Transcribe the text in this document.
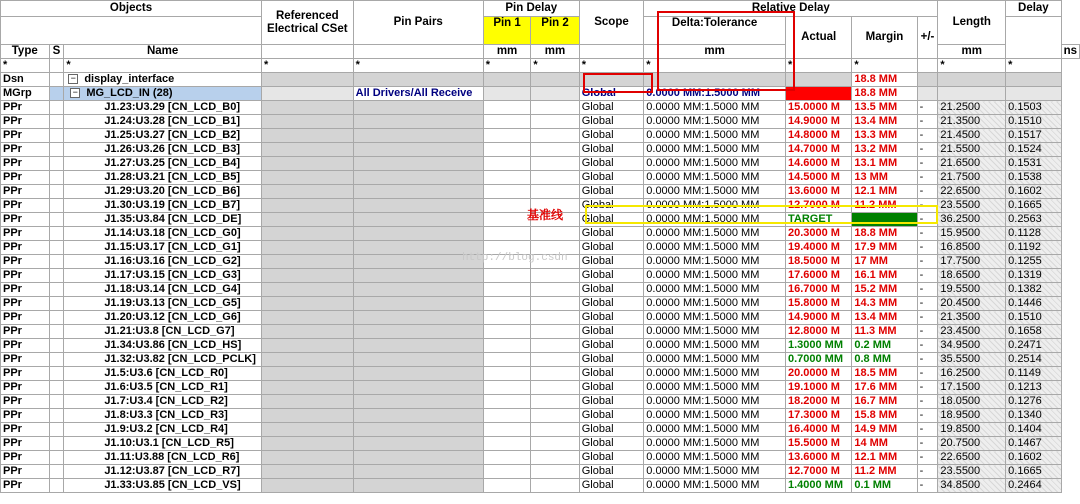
Objects			Referenced Electrical CSet	Pin Pairs	Pin Delay		Scope	Relative Delay				Length	Delay	
					Pin 1	Pin 2		Delta:Tolerance	Actual	Margin	+/-			
Type	S	Name			mm	mm		mm				mm		ns
*		*	*	*	*	*	*	*	*	*		*	*	
Dsn		− display_interface								18.8 MM				
MGrp		− MG_LCD_IN (28)		All Drivers/All Receive			Global	0.0000 MM:1.5000 MM		18.8 MM				
PPr		J1.23:U3.29 [CN_LCD_B0]					Global	0.0000 MM:1.5000 MM	15.0000 M	13.5 MM	-	21.2500	0.1503	
PPr		J1.24:U3.28 [CN_LCD_B1]					Global	0.0000 MM:1.5000 MM	14.9000 M	13.4 MM	-	21.3500	0.1510	
PPr		J1.25:U3.27 [CN_LCD_B2]					Global	0.0000 MM:1.5000 MM	14.8000 M	13.3 MM	-	21.4500	0.1517	
PPr		J1.26:U3.26 [CN_LCD_B3]					Global	0.0000 MM:1.5000 MM	14.7000 M	13.2 MM	-	21.5500	0.1524	
PPr		J1.27:U3.25 [CN_LCD_B4]					Global	0.0000 MM:1.5000 MM	14.6000 M	13.1 MM	-	21.6500	0.1531	
PPr		J1.28:U3.21 [CN_LCD_B5]					Global	0.0000 MM:1.5000 MM	14.5000 M	13 MM	-	21.7500	0.1538	
PPr		J1.29:U3.20 [CN_LCD_B6]					Global	0.0000 MM:1.5000 MM	13.6000 M	12.1 MM	-	22.6500	0.1602	
PPr		J1.30:U3.19 [CN_LCD_B7]					Global	0.0000 MM:1.5000 MM	12.7000 M	11.2 MM	-	23.5500	0.1665	
PPr		J1.35:U3.84 [CN_LCD_DE]					Global	0.0000 MM:1.5000 MM	TARGET		-	36.2500	0.2563	
PPr		J1.14:U3.18 [CN_LCD_G0]					Global	0.0000 MM:1.5000 MM	20.3000 M	18.8 MM	-	15.9500	0.1128	
PPr		J1.15:U3.17 [CN_LCD_G1]					Global	0.0000 MM:1.5000 MM	19.4000 M	17.9 MM	-	16.8500	0.1192	
PPr		J1.16:U3.16 [CN_LCD_G2]					Global	0.0000 MM:1.5000 MM	18.5000 M	17 MM	-	17.7500	0.1255	
PPr		J1.17:U3.15 [CN_LCD_G3]					Global	0.0000 MM:1.5000 MM	17.6000 M	16.1 MM	-	18.6500	0.1319	
PPr		J1.18:U3.14 [CN_LCD_G4]					Global	0.0000 MM:1.5000 MM	16.7000 M	15.2 MM	-	19.5500	0.1382	
PPr		J1.19:U3.13 [CN_LCD_G5]					Global	0.0000 MM:1.5000 MM	15.8000 M	14.3 MM	-	20.4500	0.1446	
PPr		J1.20:U3.12 [CN_LCD_G6]					Global	0.0000 MM:1.5000 MM	14.9000 M	13.4 MM	-	21.3500	0.1510	
PPr		J1.21:U3.8 [CN_LCD_G7]					Global	0.0000 MM:1.5000 MM	12.8000 M	11.3 MM	-	23.4500	0.1658	
PPr		J1.34:U3.86 [CN_LCD_HS]					Global	0.0000 MM:1.5000 MM	1.3000 MM	0.2 MM	-	34.9500	0.2471	
PPr		J1.32:U3.82 [CN_LCD_PCLK]					Global	0.0000 MM:1.5000 MM	0.7000 MM	0.8 MM	-	35.5500	0.2514	
PPr		J1.5:U3.6 [CN_LCD_R0]					Global	0.0000 MM:1.5000 MM	20.0000 M	18.5 MM	-	16.2500	0.1149	
PPr		J1.6:U3.5 [CN_LCD_R1]					Global	0.0000 MM:1.5000 MM	19.1000 M	17.6 MM	-	17.1500	0.1213	
PPr		J1.7:U3.4 [CN_LCD_R2]					Global	0.0000 MM:1.5000 MM	18.2000 M	16.7 MM	-	18.0500	0.1276	
PPr		J1.8:U3.3 [CN_LCD_R3]					Global	0.0000 MM:1.5000 MM	17.3000 M	15.8 MM	-	18.9500	0.1340	
PPr		J1.9:U3.2 [CN_LCD_R4]					Global	0.0000 MM:1.5000 MM	16.4000 M	14.9 MM	-	19.8500	0.1404	
PPr		J1.10:U3.1 [CN_LCD_R5]					Global	0.0000 MM:1.5000 MM	15.5000 M	14 MM	-	20.7500	0.1467	
PPr		J1.11:U3.88 [CN_LCD_R6]					Global	0.0000 MM:1.5000 MM	13.6000 M	12.1 MM	-	22.6500	0.1602	
PPr		J1.12:U3.87 [CN_LCD_R7]					Global	0.0000 MM:1.5000 MM	12.7000 M	11.2 MM	-	23.5500	0.1665	
PPr		J1.33:U3.85 [CN_LCD_VS]					Global	0.0000 MM:1.5000 MM	1.4000 MM	0.1 MM	-	34.8500	0.2464	
基准线
http://blog.csdn
